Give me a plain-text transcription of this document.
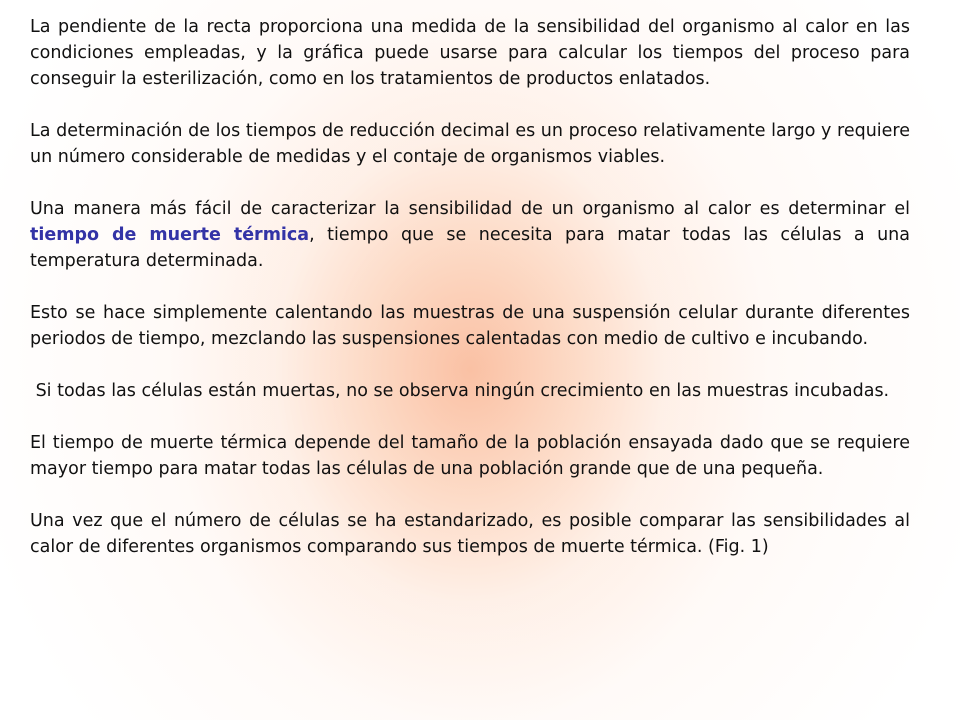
La pendiente de la recta proporciona una medida de la sensibilidad del organismo al calor en las condiciones empleadas, y la gráfica puede usarse para calcular los tiempos del proceso para conseguir la esterilización, como en los tratamientos de productos enlatados.

La determinación de los tiempos de reducción decimal es un proceso relativamente largo y requiere un número considerable de medidas y el contaje de organismos viables.

Una manera más fácil de caracterizar la sensibilidad de un organismo al calor es determinar el tiempo de muerte térmica, tiempo que se necesita para matar todas las células a una temperatura determinada.

Esto se hace simplemente calentando las muestras de una suspensión celular durante diferentes periodos de tiempo, mezclando las suspensiones calentadas con medio de cultivo e incubando.

Si todas las células están muertas, no se observa ningún crecimiento en las muestras incubadas.

El tiempo de muerte térmica depende del tamaño de la población ensayada dado que se requiere mayor tiempo para matar todas las células de una población grande que de una pequeña.

Una vez que el número de células se ha estandarizado, es posible comparar las sensibilidades al calor de diferentes organismos comparando sus tiempos de muerte térmica. (Fig. 1)
